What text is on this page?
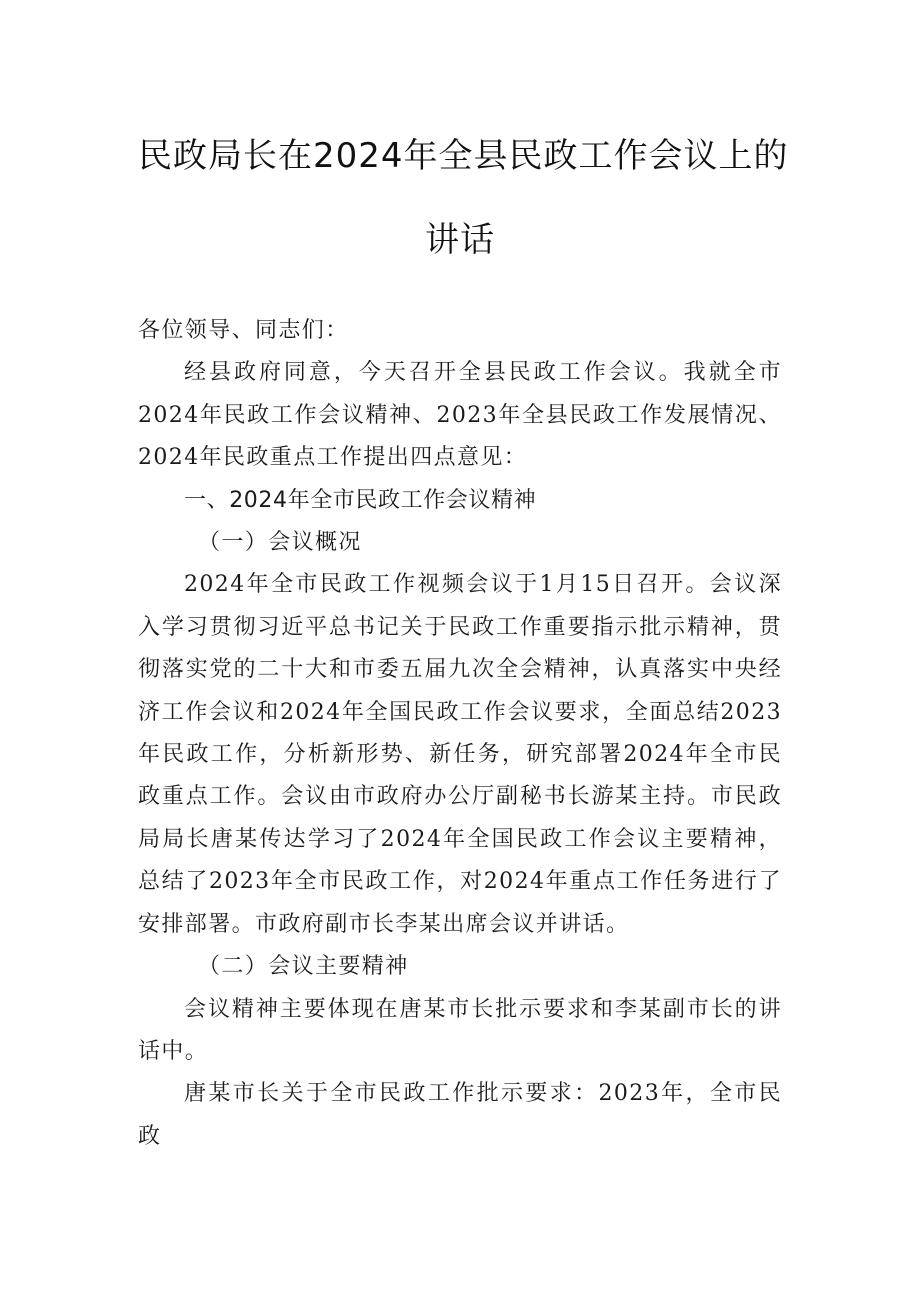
民政局长在2024年全县民政工作会议上的
讲话

各位领导、同志们：

经县政府同意，今天召开全县民政工作会议。我就全市2024年民政工作会议精神、2023年全县民政工作发展情况、2024年民政重点工作提出四点意见：

一、2024年全市民政工作会议精神

（一）会议概况

2024年全市民政工作视频会议于1月15日召开。会议深入学习贯彻习近平总书记关于民政工作重要指示批示精神，贯彻落实党的二十大和市委五届九次全会精神，认真落实中央经济工作会议和2024年全国民政工作会议要求，全面总结2023年民政工作，分析新形势、新任务，研究部署2024年全市民政重点工作。会议由市政府办公厅副秘书长游某主持。市民政局局长唐某传达学习了2024年全国民政工作会议主要精神，总结了2023年全市民政工作，对2024年重点工作任务进行了安排部署。市政府副市长李某出席会议并讲话。

（二）会议主要精神

会议精神主要体现在唐某市长批示要求和李某副市长的讲话中。

唐某市长关于全市民政工作批示要求：2023年，全市民政
